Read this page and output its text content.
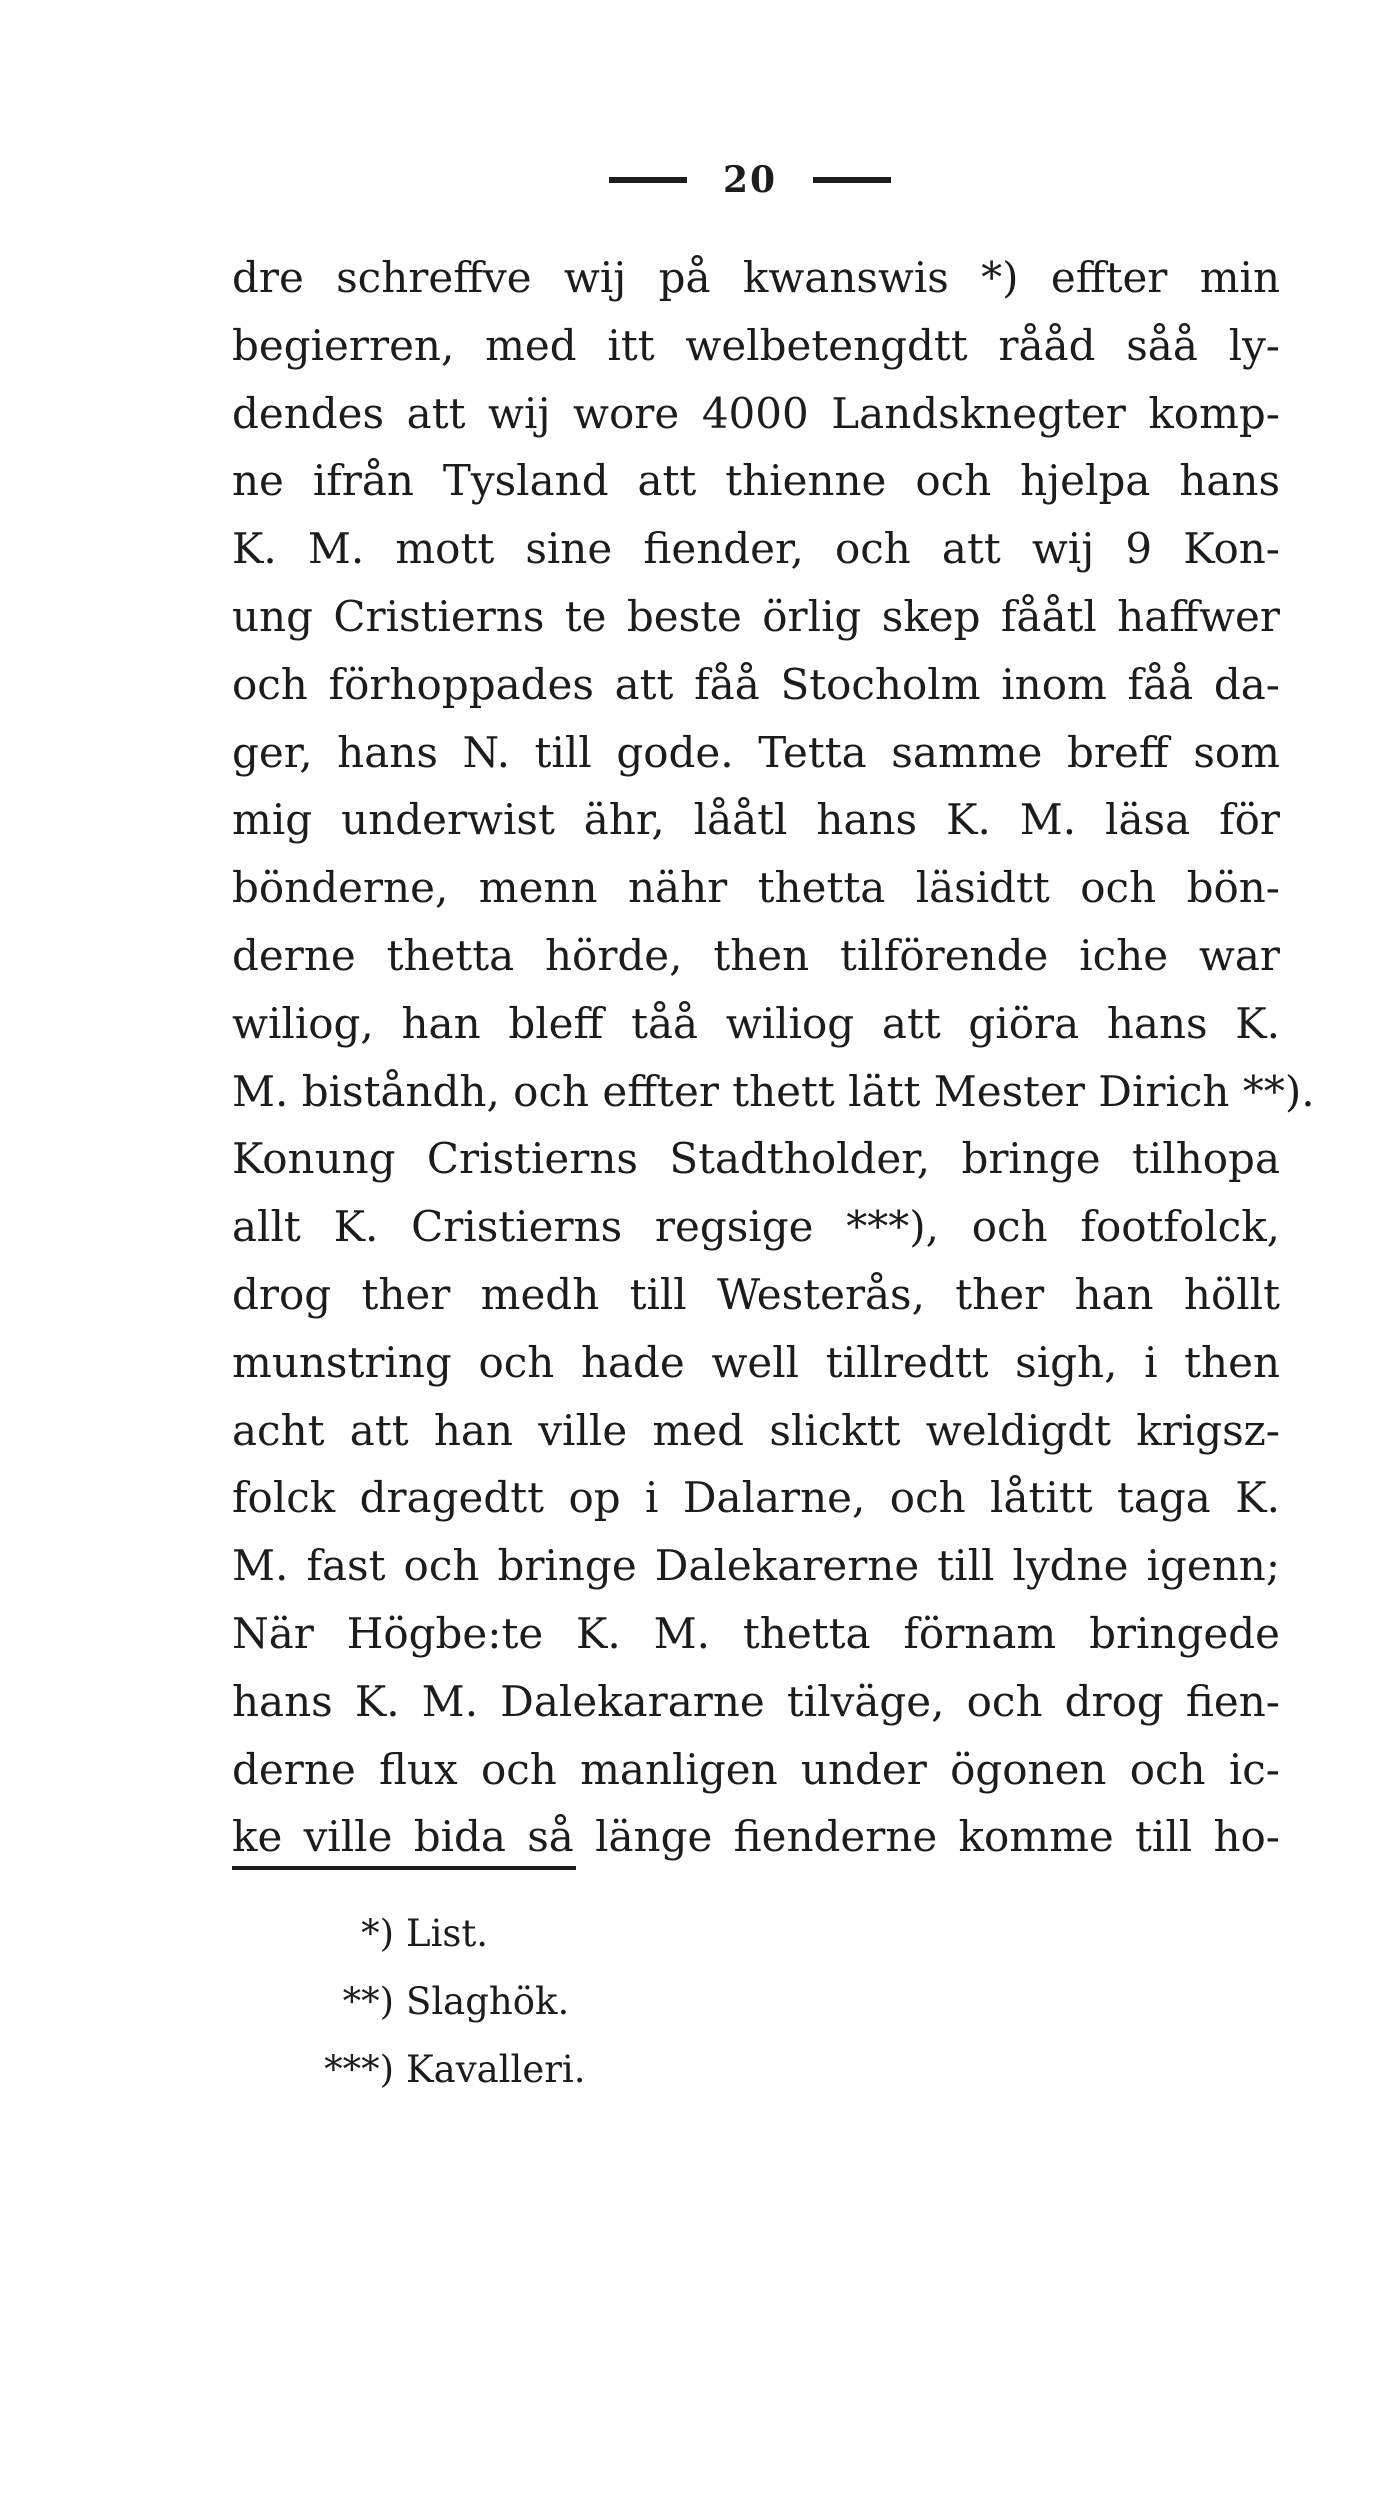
20
dre schreffve wij på kwanswis *) effter min
begierren, med itt welbetengdtt rååd såå ly-
dendes att wij wore 4000 Landsknegter komp-
ne ifrån Tysland att thienne och hjelpa hans
K. M. mott sine fiender, och att wij 9 Kon-
ung Cristierns te beste örlig skep fååtl haffwer
och förhoppades att fåå Stocholm inom fåå da-
ger, hans N. till gode. Tetta samme breff som
mig underwist ähr, lååtl hans K. M. läsa för
bönderne, menn nähr thetta läsidtt och bön-
derne thetta hörde, then tilförende iche war
wiliog, han bleff tåå wiliog att giöra hans K.
M. biståndh, och effter thett lätt Mester Dirich **).
Konung Cristierns Stadtholder, bringe tilhopa
allt K. Cristierns regsige ***), och footfolck,
drog ther medh till Westerås, ther han höllt
munstring och hade well tillredtt sigh, i then
acht att han ville med slicktt weldigdt krigsz-
folck dragedtt op i Dalarne, och låtitt taga K.
M. fast och bringe Dalekarerne till lydne igenn;
När Högbe:te K. M. thetta förnam bringede
hans K. M. Dalekararne tilväge, och drog fien-
derne flux och manligen under ögonen och ic-
ke ville bida så länge fienderne komme till ho-
*) List.
**) Slaghök.
***) Kavalleri.
